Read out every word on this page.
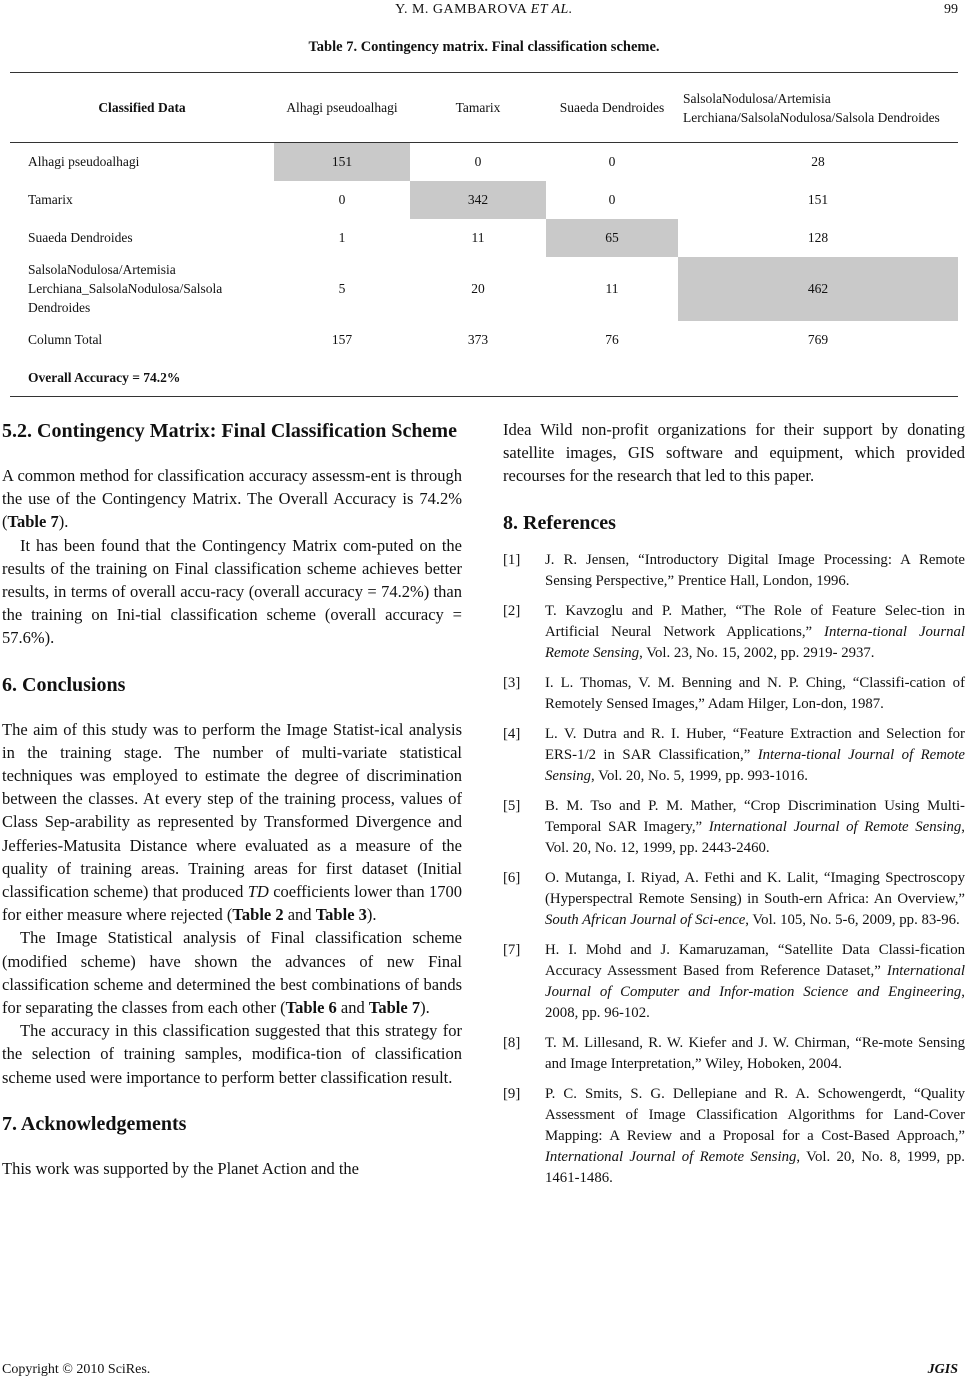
Y. M. GAMBAROVA ET AL.	99
Table 7. Contingency matrix. Final classification scheme.
Classified Data	Alhagi pseudoalhagi	Tamarix	Suaeda Dendroides	SalsolaNodulosa/Artemisia Lerchiana/SalsolaNodulosa/Salsola Dendroides
Alhagi pseudoalhagi	151	0	0	28
Tamarix	0	342	0	151
Suaeda Dendroides	1	11	65	128
SalsolaNodulosa/Artemisia Lerchiana_SalsolaNodulosa/Salsola Dendroides	5	20	11	462
Column Total	157	373	76	769
Overall Accuracy = 74.2%				
5.2. Contingency Matrix: Final Classification Scheme

A common method for classification accuracy assessm-ent is through the use of the Contingency Matrix. The Overall Accuracy is 74.2% (Table 7).

It has been found that the Contingency Matrix com-puted on the results of the training on Final classification scheme achieves better results, in terms of overall accu-racy (overall accuracy = 74.2%) than the training on Ini-tial classification scheme (overall accuracy = 57.6%).

6. Conclusions

The aim of this study was to perform the Image Statist-ical analysis in the training stage. The number of multi-variate statistical techniques was employed to estimate the degree of discrimination between the classes. At every step of the training process, values of Class Sep-arability as represented by Transformed Divergence and Jefferies-Matusita Distance where evaluated as a measure of the quality of training areas. Training areas for first dataset (Initial classification scheme) that produced TD coefficients lower than 1700 for either measure where rejected (Table 2 and Table 3).

The Image Statistical analysis of Final classification scheme (modified scheme) have shown the advances of new Final classification scheme and determined the best combinations of bands for separating the classes from each other (Table 6 and Table 7).

The accuracy in this classification suggested that this strategy for the selection of training samples, modifica-tion of classification scheme used were importance to perform better classification result.

7. Acknowledgements

This work was supported by the Planet Action and the

Idea Wild non-profit organizations for their support by donating satellite images, GIS software and equipment, which provided recourses for the research that led to this paper.

8. References
[1]	J. R. Jensen, “Introductory Digital Image Processing: A Remote Sensing Perspective,” Prentice Hall, London, 1996.
[2]	T. Kavzoglu and P. Mather, “The Role of Feature Selec-tion in Artificial Neural Network Applications,” Interna-tional Journal Remote Sensing, Vol. 23, No. 15, 2002, pp. 2919- 2937.
[3]	I. L. Thomas, V. M. Benning and N. P. Ching, “Classifi-cation of Remotely Sensed Images,” Adam Hilger, Lon-don, 1987.
[4]	L. V. Dutra and R. I. Huber, “Feature Extraction and Selection for ERS-1/2 in SAR Classification,” Interna-tional Journal of Remote Sensing, Vol. 20, No. 5, 1999, pp. 993-1016.
[5]	B. M. Tso and P. M. Mather, “Crop Discrimination Using Multi-Temporal SAR Imagery,” International Journal of Remote Sensing, Vol. 20, No. 12, 1999, pp. 2443-2460.
[6]	O. Mutanga, I. Riyad, A. Fethi and K. Lalit, “Imaging Spectroscopy (Hyperspectral Remote Sensing) in South-ern Africa: An Overview,” South African Journal of Sci-ence, Vol. 105, No. 5-6, 2009, pp. 83-96.
[7]	H. I. Mohd and J. Kamaruzaman, “Satellite Data Classi-fication Accuracy Assessment Based from Reference Dataset,” International Journal of Computer and Infor-mation Science and Engineering, 2008, pp. 96-102.
[8]	T. M. Lillesand, R. W. Kiefer and J. W. Chirman, “Re-mote Sensing and Image Interpretation,” Wiley, Hoboken, 2004.
[9]	P. C. Smits, S. G. Dellepiane and R. A. Schowengerdt, “Quality Assessment of Image Classification Algorithms for Land-Cover Mapping: A Review and a Proposal for a Cost-Based Approach,” International Journal of Remote Sensing, Vol. 20, No. 8, 1999, pp. 1461-1486.
Copyright © 2010 SciRes.	JGIS
